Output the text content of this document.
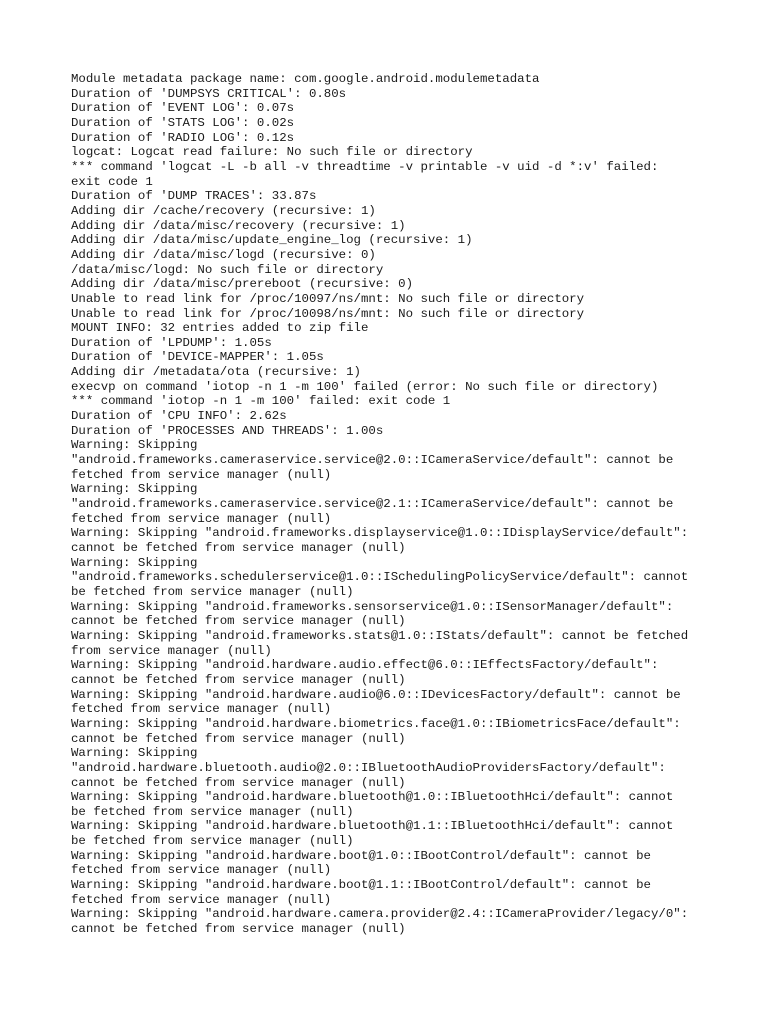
Module metadata package name: com.google.android.modulemetadata
Duration of 'DUMPSYS CRITICAL': 0.80s
Duration of 'EVENT LOG': 0.07s
Duration of 'STATS LOG': 0.02s
Duration of 'RADIO LOG': 0.12s
logcat: Logcat read failure: No such file or directory
*** command 'logcat -L -b all -v threadtime -v printable -v uid -d *:v' failed:
exit code 1
Duration of 'DUMP TRACES': 33.87s
Adding dir /cache/recovery (recursive: 1)
Adding dir /data/misc/recovery (recursive: 1)
Adding dir /data/misc/update_engine_log (recursive: 1)
Adding dir /data/misc/logd (recursive: 0)
/data/misc/logd: No such file or directory
Adding dir /data/misc/prereboot (recursive: 0)
Unable to read link for /proc/10097/ns/mnt: No such file or directory
Unable to read link for /proc/10098/ns/mnt: No such file or directory
MOUNT INFO: 32 entries added to zip file
Duration of 'LPDUMP': 1.05s
Duration of 'DEVICE-MAPPER': 1.05s
Adding dir /metadata/ota (recursive: 1)
execvp on command 'iotop -n 1 -m 100' failed (error: No such file or directory)
*** command 'iotop -n 1 -m 100' failed: exit code 1
Duration of 'CPU INFO': 2.62s
Duration of 'PROCESSES AND THREADS': 1.00s
Warning: Skipping
"android.frameworks.cameraservice.service@2.0::ICameraService/default": cannot be
fetched from service manager (null)
Warning: Skipping
"android.frameworks.cameraservice.service@2.1::ICameraService/default": cannot be
fetched from service manager (null)
Warning: Skipping "android.frameworks.displayservice@1.0::IDisplayService/default":
cannot be fetched from service manager (null)
Warning: Skipping
"android.frameworks.schedulerservice@1.0::ISchedulingPolicyService/default": cannot
be fetched from service manager (null)
Warning: Skipping "android.frameworks.sensorservice@1.0::ISensorManager/default":
cannot be fetched from service manager (null)
Warning: Skipping "android.frameworks.stats@1.0::IStats/default": cannot be fetched
from service manager (null)
Warning: Skipping "android.hardware.audio.effect@6.0::IEffectsFactory/default":
cannot be fetched from service manager (null)
Warning: Skipping "android.hardware.audio@6.0::IDevicesFactory/default": cannot be
fetched from service manager (null)
Warning: Skipping "android.hardware.biometrics.face@1.0::IBiometricsFace/default":
cannot be fetched from service manager (null)
Warning: Skipping
"android.hardware.bluetooth.audio@2.0::IBluetoothAudioProvidersFactory/default":
cannot be fetched from service manager (null)
Warning: Skipping "android.hardware.bluetooth@1.0::IBluetoothHci/default": cannot
be fetched from service manager (null)
Warning: Skipping "android.hardware.bluetooth@1.1::IBluetoothHci/default": cannot
be fetched from service manager (null)
Warning: Skipping "android.hardware.boot@1.0::IBootControl/default": cannot be
fetched from service manager (null)
Warning: Skipping "android.hardware.boot@1.1::IBootControl/default": cannot be
fetched from service manager (null)
Warning: Skipping "android.hardware.camera.provider@2.4::ICameraProvider/legacy/0":
cannot be fetched from service manager (null)
